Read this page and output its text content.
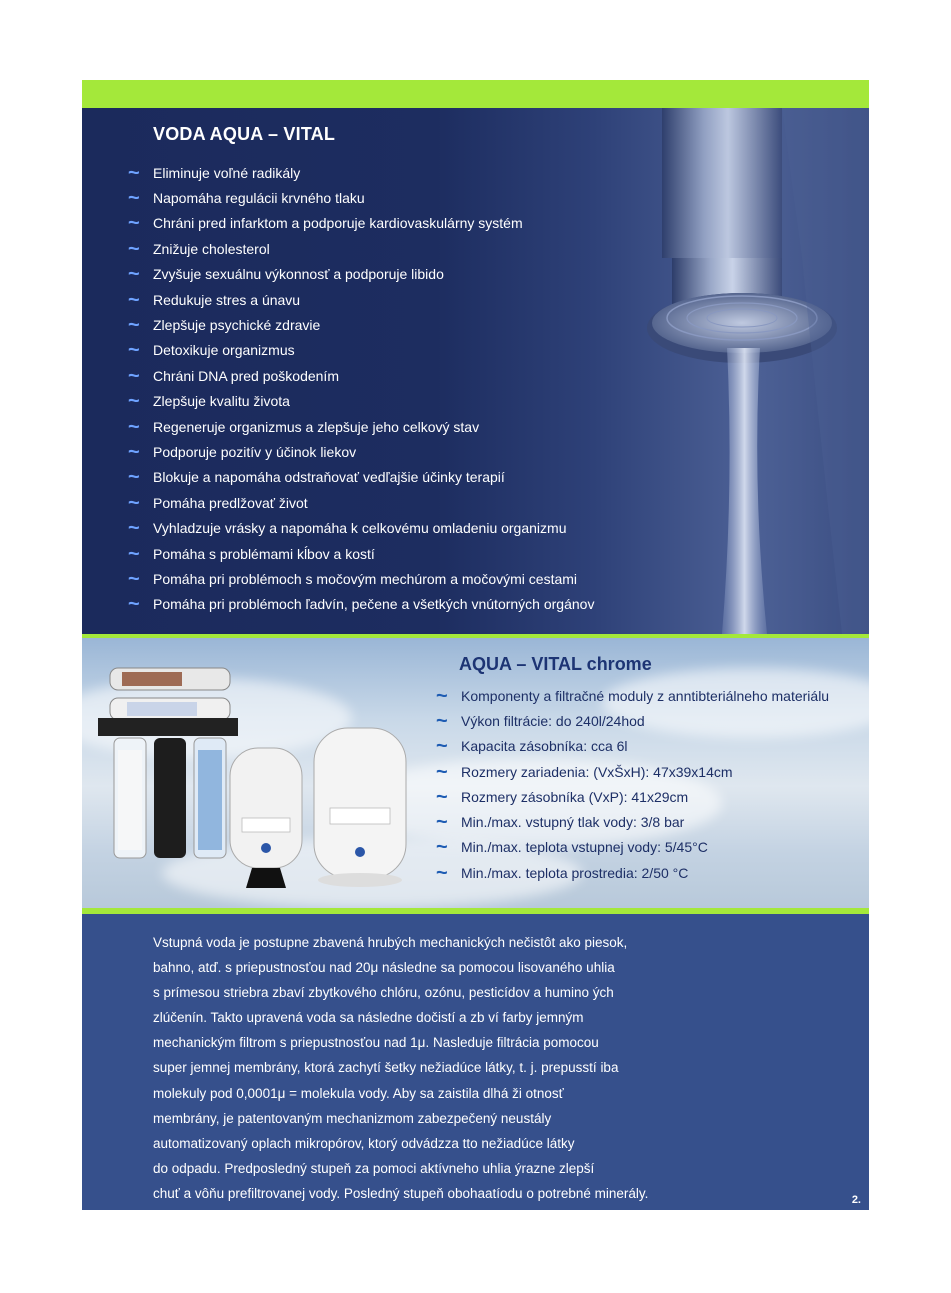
VODA AQUA – VITAL
~ Eliminuje voľné radikály
~ Napomáha regulácii krvného tlaku
~ Chráni pred infarktom a podporuje kardiovaskulárny systém
~ Znižuje cholesterol
~ Zvyšuje sexuálnu výkonnosť a podporuje libido
~ Redukuje stres a únavu
~ Zlepšuje psychické zdravie
~ Detoxikuje organizmus
~ Chráni DNA pred poškodením
~ Zlepšuje kvalitu života
~ Regeneruje organizmus a zlepšuje jeho celkový stav
~ Podporuje pozitív y účinok liekov
~ Blokuje a napomáha odstraňovať vedľajšie účinky terapií
~ Pomáha predlžovať život
~ Vyhladzuje vrásky a napomáha k celkovému omladeniu organizmu
~ Pomáha s problémami kĺbov a kostí
~ Pomáha pri problémoch s močovým mechúrom a močovými cestami
~ Pomáha pri problémoch ľadvín, pečene a všetkých vnútorných orgánov
AQUA – VITAL chrome
~ Komponenty a filtračné moduly z anntibteriálneho materiálu
~ Výkon filtrácie: do 240l/24hod
~ Kapacita zásobníka: cca 6l
~ Rozmery zariadenia: (VxŠxH): 47x39x14cm
~ Rozmery zásobníka (VxP): 41x29cm
~ Min./max. vstupný tlak vody: 3/8 bar
~ Min./max. teplota vstupnej vody: 5/45°C
~ Min./max. teplota prostredia: 2/50 °C
Vstupná voda je postupne zbavená hrubých mechanických nečistôt ako piesok,
bahno, atď. s priepustnosťou nad 20μ následne sa pomocou lisovaného uhlia
s prímesou striebra zbaví zbytkového chlóru, ozónu, pesticídov a humino ých
zlúčenín. Takto upravená voda sa následne dočistí a zb ví farby jemným
mechanickým filtrom s priepustnosťou nad 1μ. Nasleduje filtrácia pomocou
super jemnej membrány, ktorá zachytí šetky nežiadúce látky, t. j. prepusstí iba
molekuly pod 0,0001μ = molekula vody. Aby sa zaistila dlhá ži otnosť
membrány, je patentovaným mechanizmom zabezpečený neustály
automatizovaný oplach mikropórov, ktorý odvádzza tto nežiadúce látky
do odpadu. Predposledný stupeň za pomoci aktívneho uhlia ýrazne zlepší
chuť a vôňu prefiltrovanej vody. Posledný stupeň obohaatíodu o potrebné minerály.	2.
